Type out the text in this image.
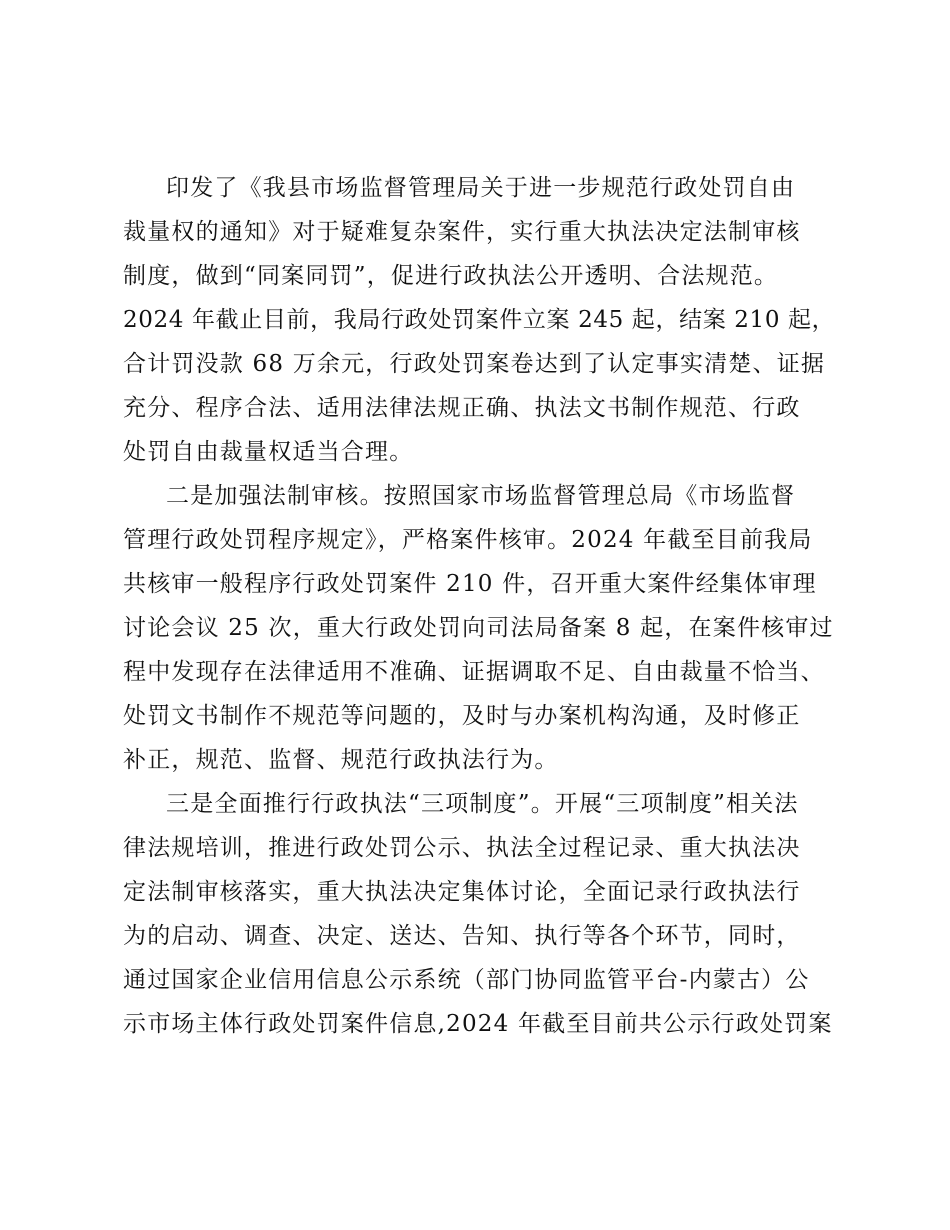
印发了《我县市场监督管理局关于进一步规范行政处罚自由
裁量权的通知》对于疑难复杂案件，实行重大执法决定法制审核
制度，做到“同案同罚”，促进行政执法公开透明、合法规范。
2024 年截止目前，我局行政处罚案件立案 245 起，结案 210 起，
合计罚没款 68 万余元，行政处罚案卷达到了认定事实清楚、证据
充分、程序合法、适用法律法规正确、执法文书制作规范、行政
处罚自由裁量权适当合理。
二是加强法制审核。按照国家市场监督管理总局《市场监督
管理行政处罚程序规定》，严格案件核审。2024 年截至目前我局
共核审一般程序行政处罚案件 210 件，召开重大案件经集体审理
讨论会议 25 次，重大行政处罚向司法局备案 8 起，在案件核审过
程中发现存在法律适用不准确、证据调取不足、自由裁量不恰当、
处罚文书制作不规范等问题的，及时与办案机构沟通，及时修正
补正，规范、监督、规范行政执法行为。
三是全面推行行政执法“三项制度”。开展“三项制度”相关法
律法规培训，推进行政处罚公示、执法全过程记录、重大执法决
定法制审核落实，重大执法决定集体讨论，全面记录行政执法行
为的启动、调查、决定、送达、告知、执行等各个环节，同时，
通过国家企业信用信息公示系统（部门协同监管平台-内蒙古）公
示市场主体行政处罚案件信息,2024 年截至目前共公示行政处罚案
